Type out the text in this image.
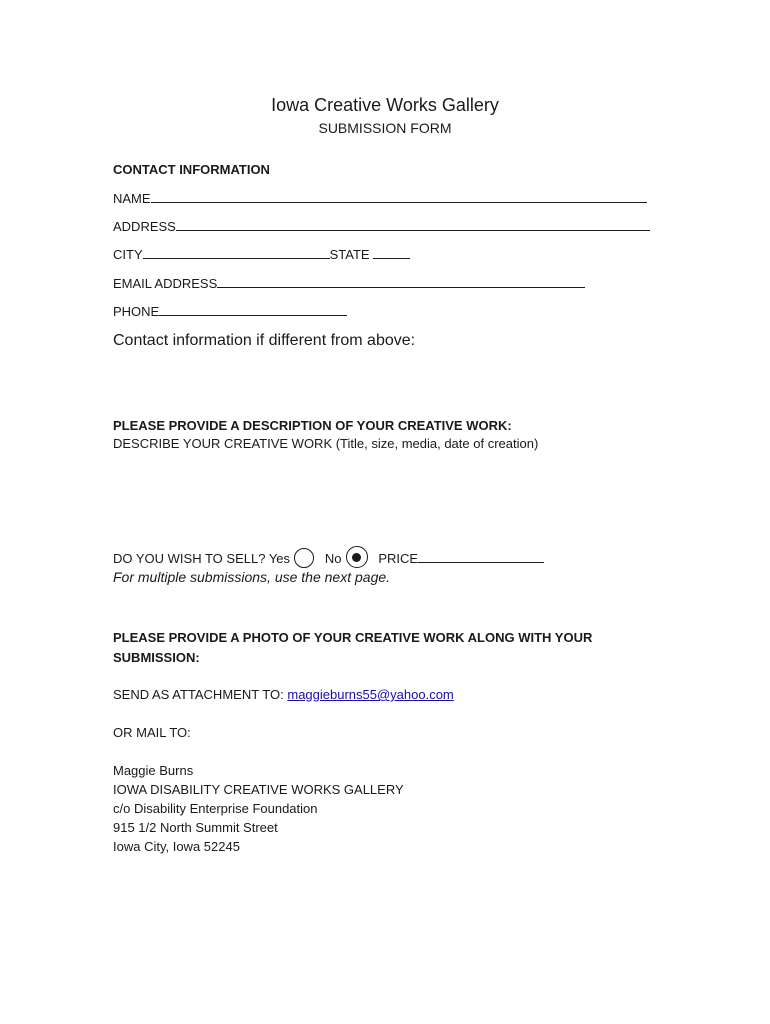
Iowa Creative Works Gallery
SUBMISSION FORM
CONTACT INFORMATION
NAME
ADDRESS
CITY	STATE
EMAIL ADDRESS
PHONE
Contact information if different from above:
PLEASE PROVIDE A DESCRIPTION OF YOUR CREATIVE WORK:
DESCRIBE YOUR CREATIVE WORK (Title, size, media, date of creation)
DO YOU WISH TO SELL? Yes	No	PRICE
For multiple submissions, use the next page.
PLEASE PROVIDE A PHOTO OF YOUR CREATIVE WORK ALONG WITH YOUR
SUBMISSION:
SEND AS ATTACHMENT TO: maggieburns55@yahoo.com
OR MAIL TO:
Maggie Burns
IOWA DISABILITY CREATIVE WORKS GALLERY
c/o Disability Enterprise Foundation
915 1/2 North Summit Street
Iowa City, Iowa 52245
